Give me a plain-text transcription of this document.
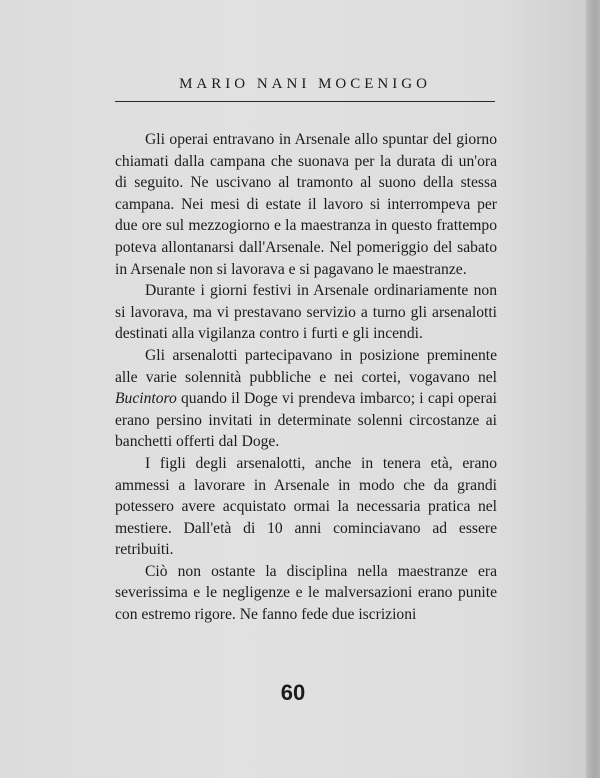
MARIO NANI MOCENIGO

Gli operai entravano in Arsenale allo spuntar del giorno chiamati dalla campana che suonava per la durata di un'ora di seguito. Ne uscivano al tramonto al suono della stessa campana. Nei mesi di estate il lavoro si interrompeva per due ore sul mezzogiorno e la maestranza in questo frattempo poteva allontanarsi dall'Arsenale. Nel pomeriggio del sabato in Arsenale non si lavorava e si pagavano le maestranze.

Durante i giorni festivi in Arsenale ordinariamente non si lavorava, ma vi prestavano servizio a turno gli arsenalotti destinati alla vigilanza contro i furti e gli incendi.

Gli arsenalotti partecipavano in posizione preminente alle varie solennità pubbliche e nei cortei, vogavano nel Bucintoro quando il Doge vi prendeva imbarco; i capi operai erano persino invitati in determinate solenni circostanze ai banchetti offerti dal Doge.

I figli degli arsenalotti, anche in tenera età, erano ammessi a lavorare in Arsenale in modo che da grandi potessero avere acquistato ormai la necessaria pratica nel mestiere. Dall'età di 10 anni cominciavano ad essere retribuiti.

Ciò non ostante la disciplina nella maestranze era severissima e le negligenze e le malversazioni erano punite con estremo rigore. Ne fanno fede due iscrizioni

60
